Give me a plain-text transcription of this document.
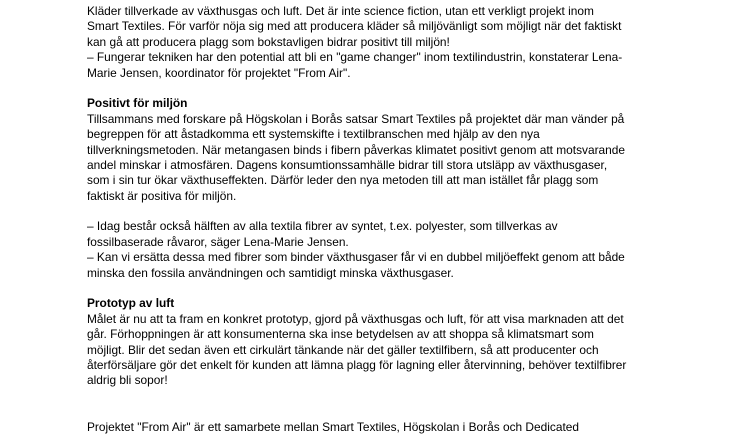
Kläder tillverkade av växthusgas och luft. Det är inte science fiction, utan ett verkligt projekt inom
Smart Textiles. För varför nöja sig med att producera kläder så miljövänligt som möjligt när det faktiskt
kan gå att producera plagg som bokstavligen bidrar positivt till miljön!
– Fungerar tekniken har den potential att bli en "game changer" inom textilindustrin, konstaterar Lena-
Marie Jensen, koordinator för projektet "From Air".
Positivt för miljön
Tillsammans med forskare på Högskolan i Borås satsar Smart Textiles på projektet där man vänder på
begreppen för att åstadkomma ett systemskifte i textilbranschen med hjälp av den nya
tillverkningsmetoden. När metangasen binds i fibern påverkas klimatet positivt genom att motsvarande
andel minskar i atmosfären. Dagens konsumtionssamhälle bidrar till stora utsläpp av växthusgaser,
som i sin tur ökar växthuseffekten. Därför leder den nya metoden till att man istället får plagg som
faktiskt är positiva för miljön.
– Idag består också hälften av alla textila fibrer av syntet, t.ex. polyester, som tillverkas av
fossilbaserade råvaror, säger Lena-Marie Jensen.
– Kan vi ersätta dessa med fibrer som binder växthusgaser får vi en dubbel miljöeffekt genom att både
minska den fossila användningen och samtidigt minska växthusgaser.
Prototyp av luft
Målet är nu att ta fram en konkret prototyp, gjord på växthusgas och luft, för att visa marknaden att det
går. Förhoppningen är att konsumenterna ska inse betydelsen av att shoppa så klimatsmart som
möjligt. Blir det sedan även ett cirkulärt tänkande när det gäller textilfibern, så att producenter och
återförsäljare gör det enkelt för kunden att lämna plagg för lagning eller återvinning, behöver textilfibrer
aldrig bli sopor!
Projektet "From Air" är ett samarbete mellan Smart Textiles, Högskolan i Borås och Dedicated
